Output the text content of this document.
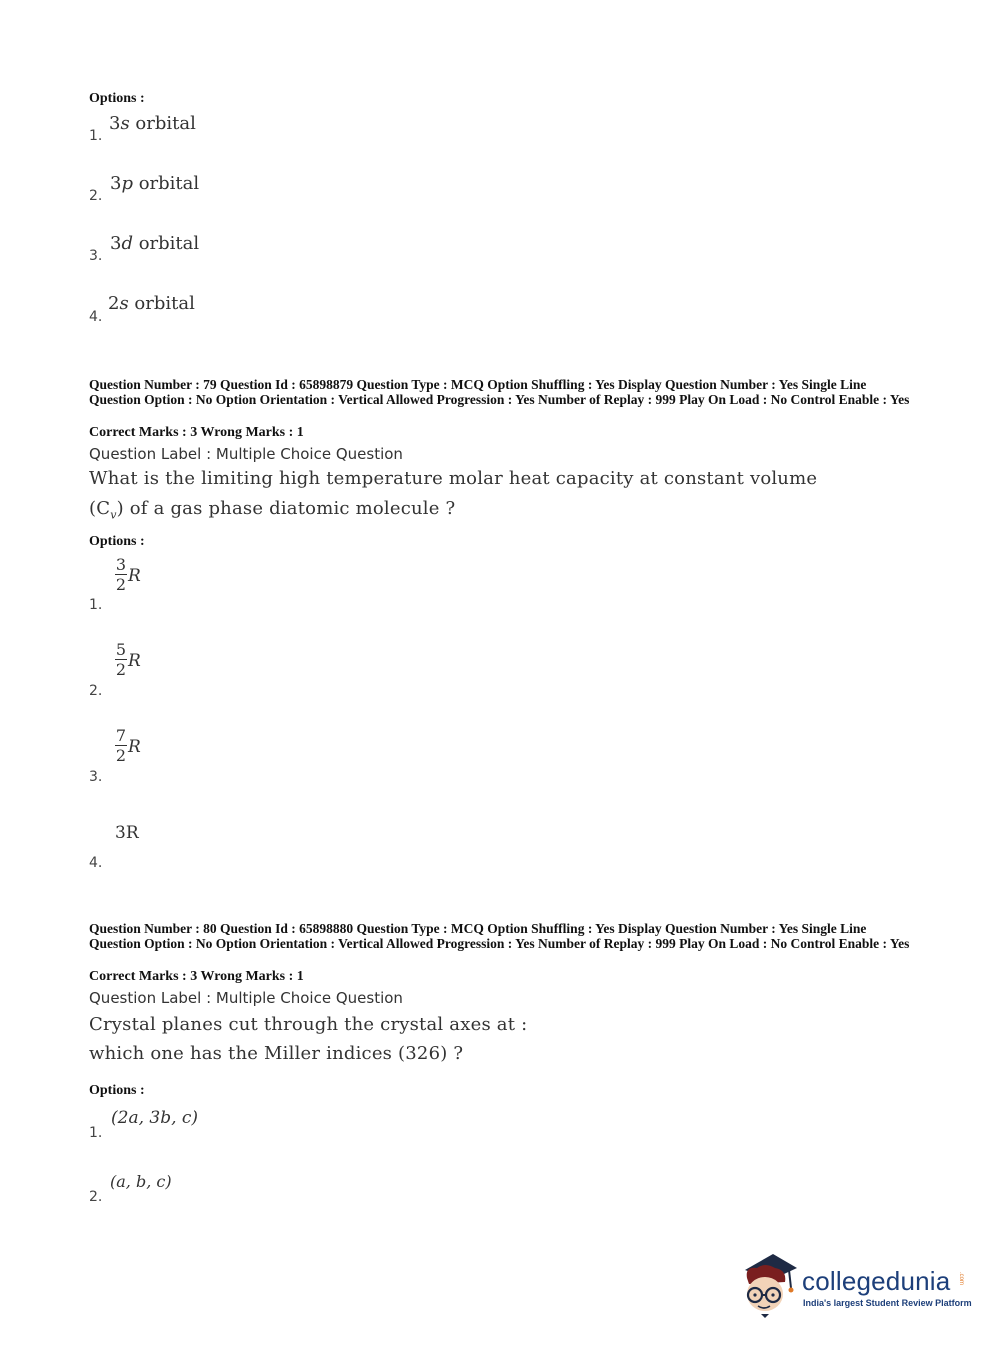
Options :
1.
3s orbital
2.
3p orbital
3.
3d orbital
4.
2s orbital
Question Number : 79 Question Id : 65898879 Question Type : MCQ Option Shuffling : Yes Display Question Number : Yes Single Line Question Option : No Option Orientation : Vertical Allowed Progression : Yes Number of Replay : 999 Play On Load : No Control Enable : Yes
Correct Marks : 3 Wrong Marks : 1
Question Label : Multiple Choice Question
What is the limiting high temperature molar heat capacity at constant volume
$(C_v)$ of a gas phase diatomic molecule ?
Options :
1.
3
2 R
2.
5
2 R
3.
7
2 R
4.
3R
Question Number : 80 Question Id : 65898880 Question Type : MCQ Option Shuffling : Yes Display Question Number : Yes Single Line Question Option : No Option Orientation : Vertical Allowed Progression : Yes Number of Replay : 999 Play On Load : No Control Enable : Yes
Correct Marks : 3 Wrong Marks : 1
Question Label : Multiple Choice Question
Crystal planes cut through the crystal axes at :
which one has the Miller indices (326) ?
Options :
1.
(2a, 3b, c)
2.
(a, b, c)
collegedunia .com
India's largest Student Review Platform
